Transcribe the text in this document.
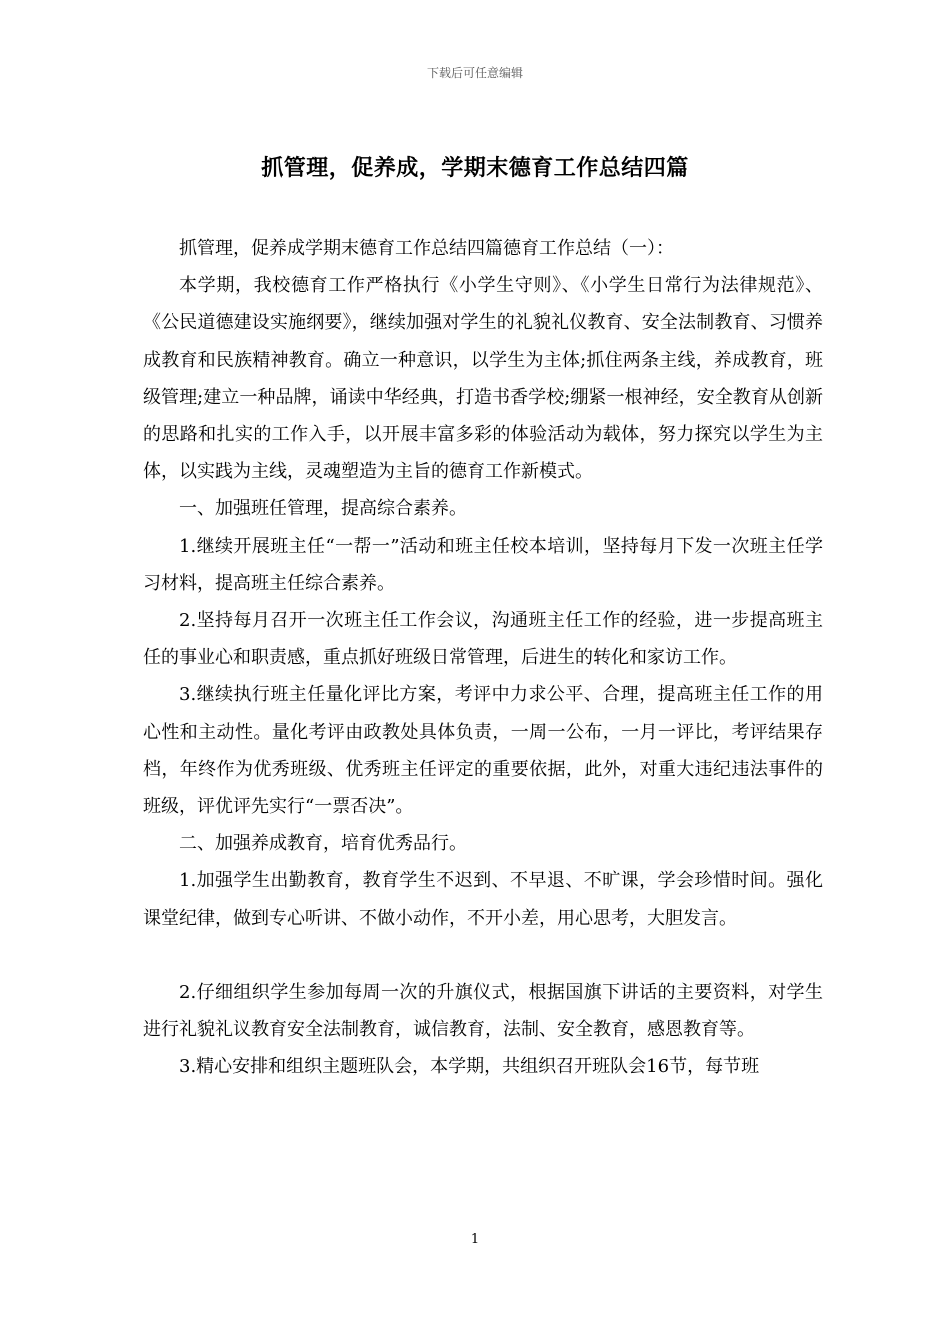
下载后可任意编辑
抓管理，促养成，学期末德育工作总结四篇

抓管理，促养成学期末德育工作总结四篇德育工作总结（一）：

本学期，我校德育工作严格执行《小学生守则》、《小学生日常行为法律规范》、《公民道德建设实施纲要》，继续加强对学生的礼貌礼仪教育、安全法制教育、习惯养成教育和民族精神教育。确立一种意识，以学生为主体;抓住两条主线，养成教育，班级管理;建立一种品牌，诵读中华经典，打造书香学校;绷紧一根神经，安全教育从创新的思路和扎实的工作入手，以开展丰富多彩的体验活动为载体，努力探究以学生为主体，以实践为主线，灵魂塑造为主旨的德育工作新模式。

一、加强班任管理，提高综合素养。

1.继续开展班主任“一帮一”活动和班主任校本培训，坚持每月下发一次班主任学习材料，提高班主任综合素养。

2.坚持每月召开一次班主任工作会议，沟通班主任工作的经验，进一步提高班主任的事业心和职责感，重点抓好班级日常管理，后进生的转化和家访工作。

3.继续执行班主任量化评比方案，考评中力求公平、合理，提高班主任工作的用心性和主动性。量化考评由政教处具体负责，一周一公布，一月一评比，考评结果存档，年终作为优秀班级、优秀班主任评定的重要依据，此外，对重大违纪违法事件的班级，评优评先实行“一票否决”。

二、加强养成教育，培育优秀品行。

1.加强学生出勤教育，教育学生不迟到、不早退、不旷课，学会珍惜时间。强化课堂纪律，做到专心听讲、不做小动作，不开小差，用心思考，大胆发言。

2.仔细组织学生参加每周一次的升旗仪式，根据国旗下讲话的主要资料，对学生进行礼貌礼议教育安全法制教育，诚信教育，法制、安全教育，感恩教育等。

3.精心安排和组织主题班队会，本学期，共组织召开班队会16节，每节班

1
